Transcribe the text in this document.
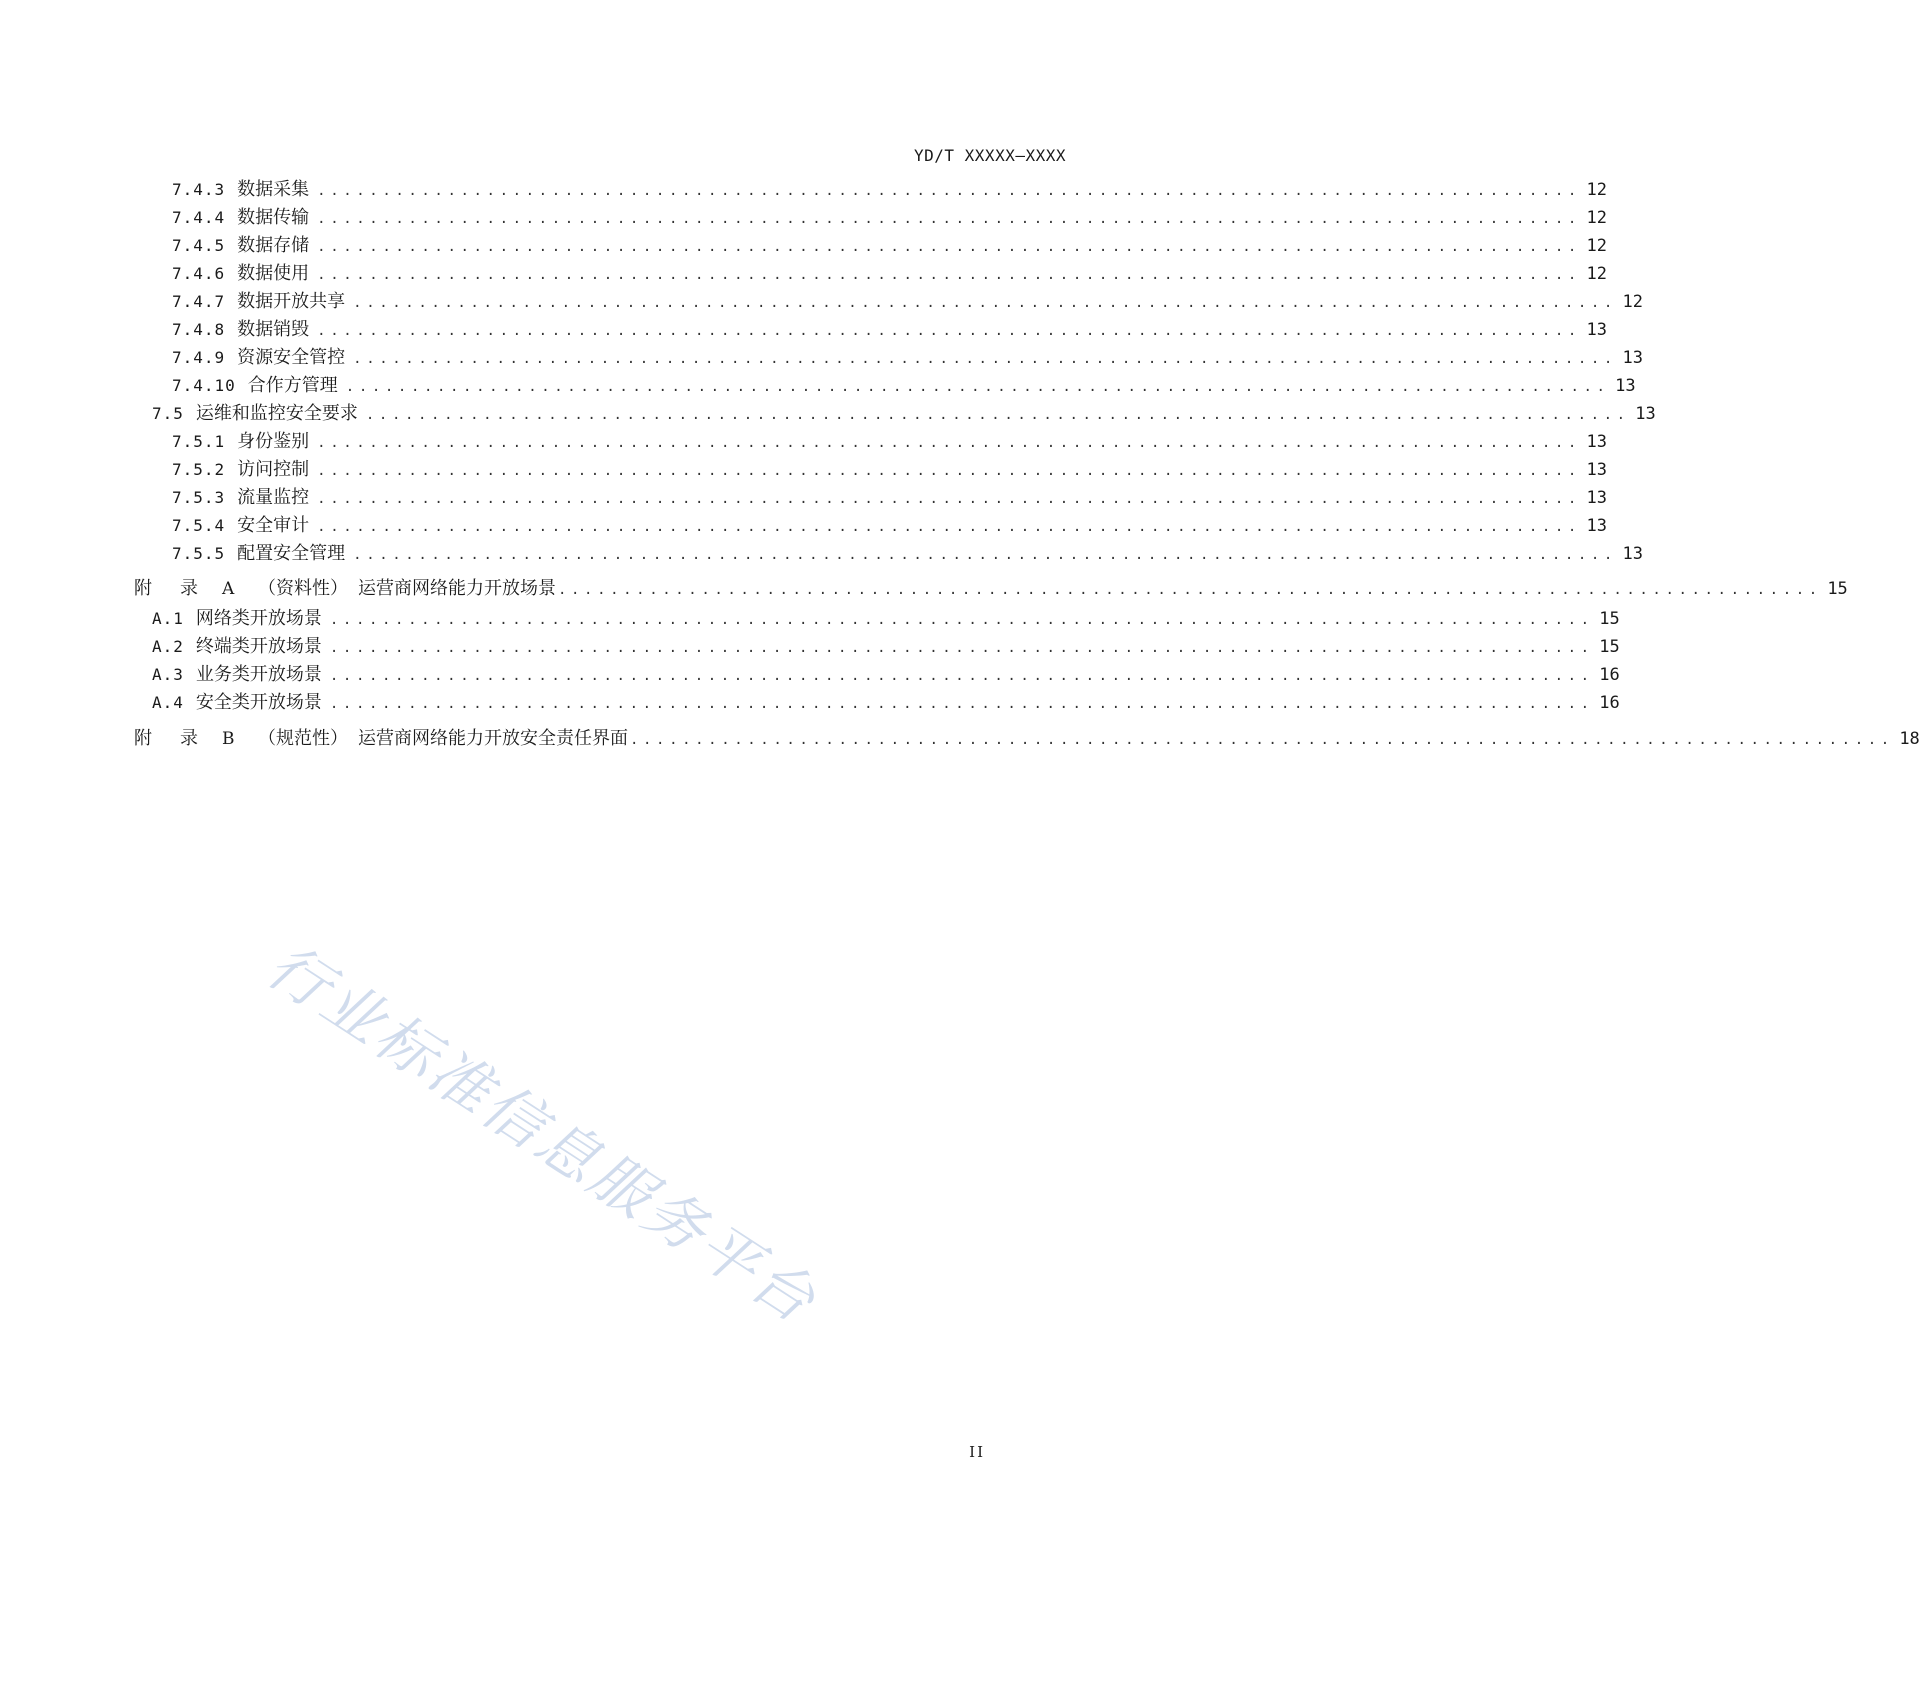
YD/T XXXXX—XXXX
7.4.3 数据采集 ................................................................................................. 12
7.4.4 数据传输 ................................................................................................. 12
7.4.5 数据存储 ................................................................................................. 12
7.4.6 数据使用 ................................................................................................. 12
7.4.7 数据开放共享 ................................................................................................. 12
7.4.8 数据销毁 ................................................................................................. 13
7.4.9 资源安全管控 ................................................................................................. 13
7.4.10 合作方管理 ................................................................................................. 13
7.5 运维和监控安全要求 ................................................................................................. 13
7.5.1 身份鉴别 ................................................................................................. 13
7.5.2 访问控制 ................................................................................................. 13
7.5.3 流量监控 ................................................................................................. 13
7.5.4 安全审计 ................................................................................................. 13
7.5.5 配置安全管理 ................................................................................................. 13
附	录	A	（资料性） 运营商网络能力开放场景 ................................................................................................. 15
A.1 网络类开放场景 ................................................................................................. 15
A.2 终端类开放场景 ................................................................................................. 15
A.3 业务类开放场景 ................................................................................................. 16
A.4 安全类开放场景 ................................................................................................. 16
附	录	B	（规范性） 运营商网络能力开放安全责任界面 ................................................................................................. 18
行业标准信息服务平台
II
